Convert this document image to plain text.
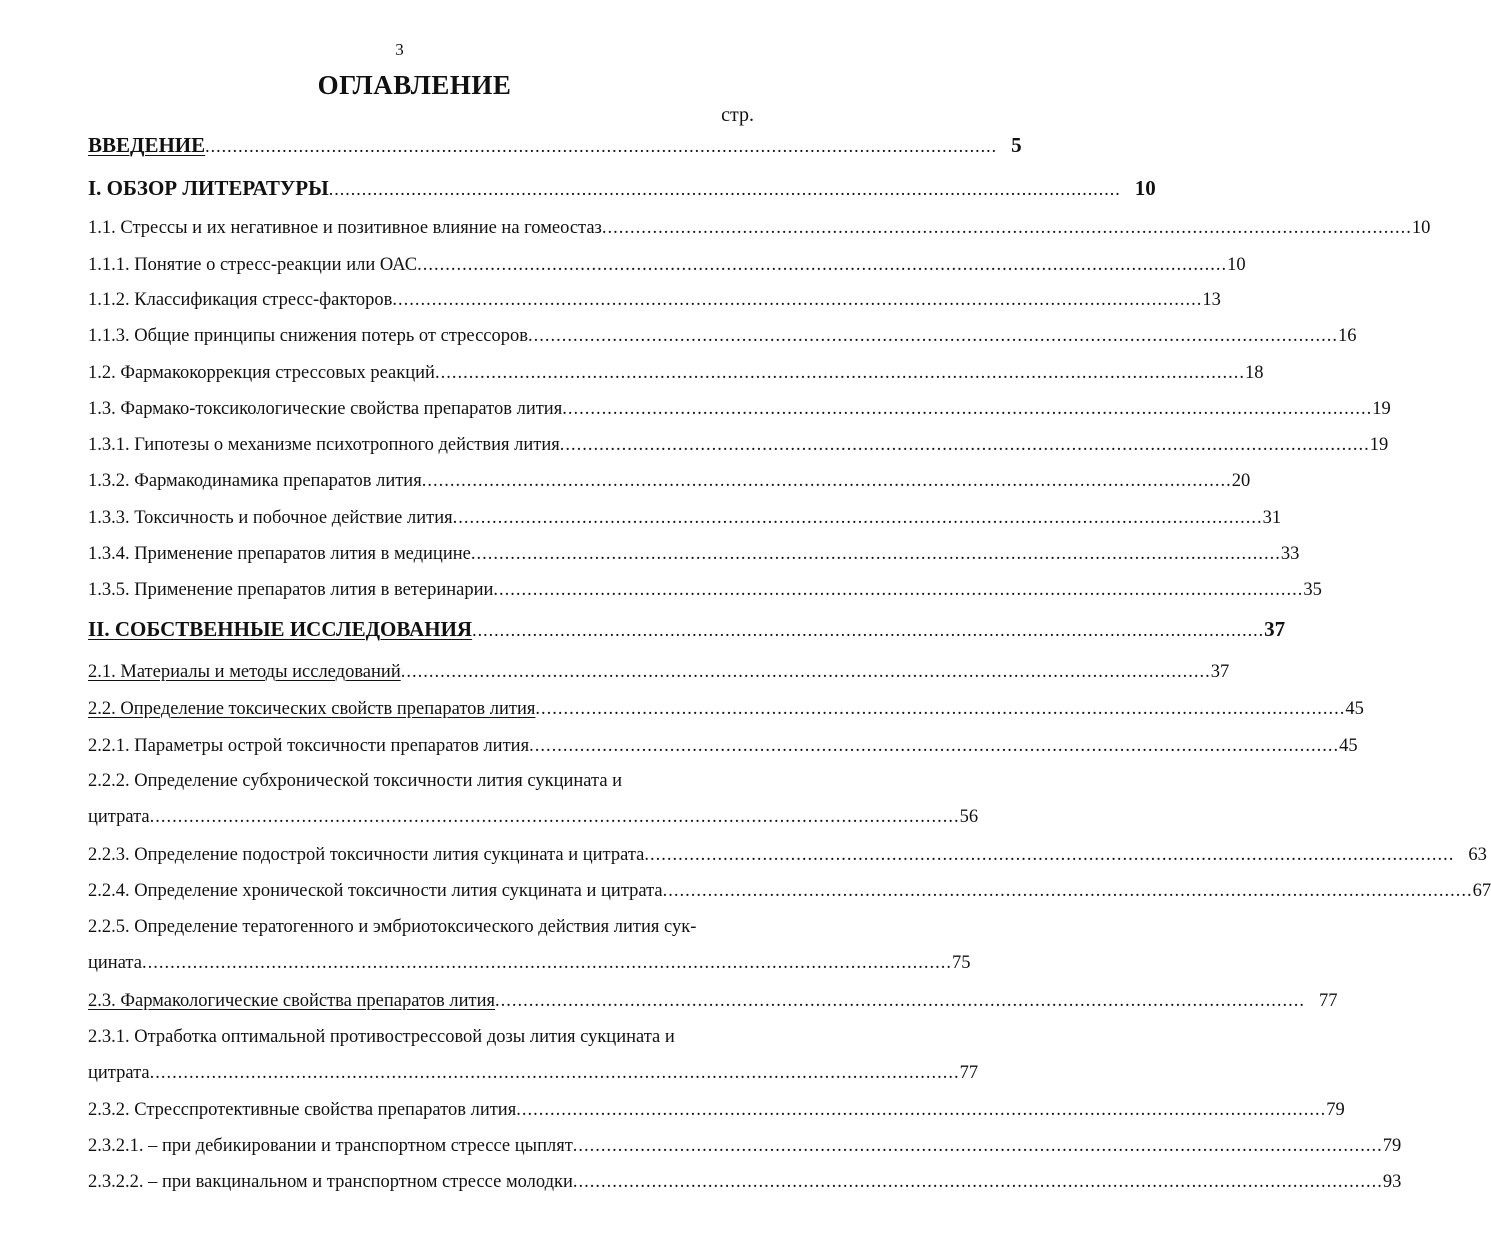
3
ОГЛАВЛЕНИЕ
стр.
ВВЕДЕНИЕ ................................................................................................................................................ 5
I. ОБЗОР ЛИТЕРАТУРЫ ................................................................................................................................................ 10
1.1. Стрессы и их негативное и позитивное влияние на гомеостаз ................................................................................................................................................ 10
1.1.1. Понятие о стресс-реакции или ОАС ................................................................................................................................................ 10
1.1.2. Классификация стресс-факторов ................................................................................................................................................ 13
1.1.3. Общие принципы снижения потерь от стрессоров ................................................................................................................................................ 16
1.2. Фармакокоррекция стрессовых реакций ................................................................................................................................................ 18
1.3. Фармако-токсикологические свойства препаратов лития ................................................................................................................................................ 19
1.3.1. Гипотезы о механизме психотропного действия лития ................................................................................................................................................ 19
1.3.2. Фармакодинамика препаратов лития ................................................................................................................................................ 20
1.3.3. Токсичность и побочное действие лития ................................................................................................................................................ 31
1.3.4. Применение препаратов лития в медицине ................................................................................................................................................ 33
1.3.5. Применение препаратов лития в ветеринарии ................................................................................................................................................ 35
II. СОБСТВЕННЫЕ ИССЛЕДОВАНИЯ ................................................................................................................................................ 37
2.1. Материалы и методы исследований ................................................................................................................................................ 37
2.2. Определение токсических свойств препаратов лития ................................................................................................................................................ 45
2.2.1. Параметры острой токсичности препаратов лития ................................................................................................................................................ 45
2.2.2. Определение субхронической токсичности лития сукцината и
цитрата ................................................................................................................................................ 56
2.2.3. Определение подострой токсичности лития сукцината и цитрата ................................................................................................................................................ 63
2.2.4. Определение хронической токсичности лития сукцината и цитрата ................................................................................................................................................ 67
2.2.5. Определение тератогенного и эмбриотоксического действия лития сук-
цината ................................................................................................................................................ 75
2.3. Фармакологические свойства препаратов лития ................................................................................................................................................ 77
2.3.1. Отработка оптимальной противострессовой дозы лития сукцината и
цитрата ................................................................................................................................................ 77
2.3.2. Стресспротективные свойства препаратов лития ................................................................................................................................................ 79
2.3.2.1. – при дебикировании и транспортном стрессе цыплят ................................................................................................................................................ 79
2.3.2.2. – при вакцинальном и транспортном стрессе молодки ................................................................................................................................................ 93
